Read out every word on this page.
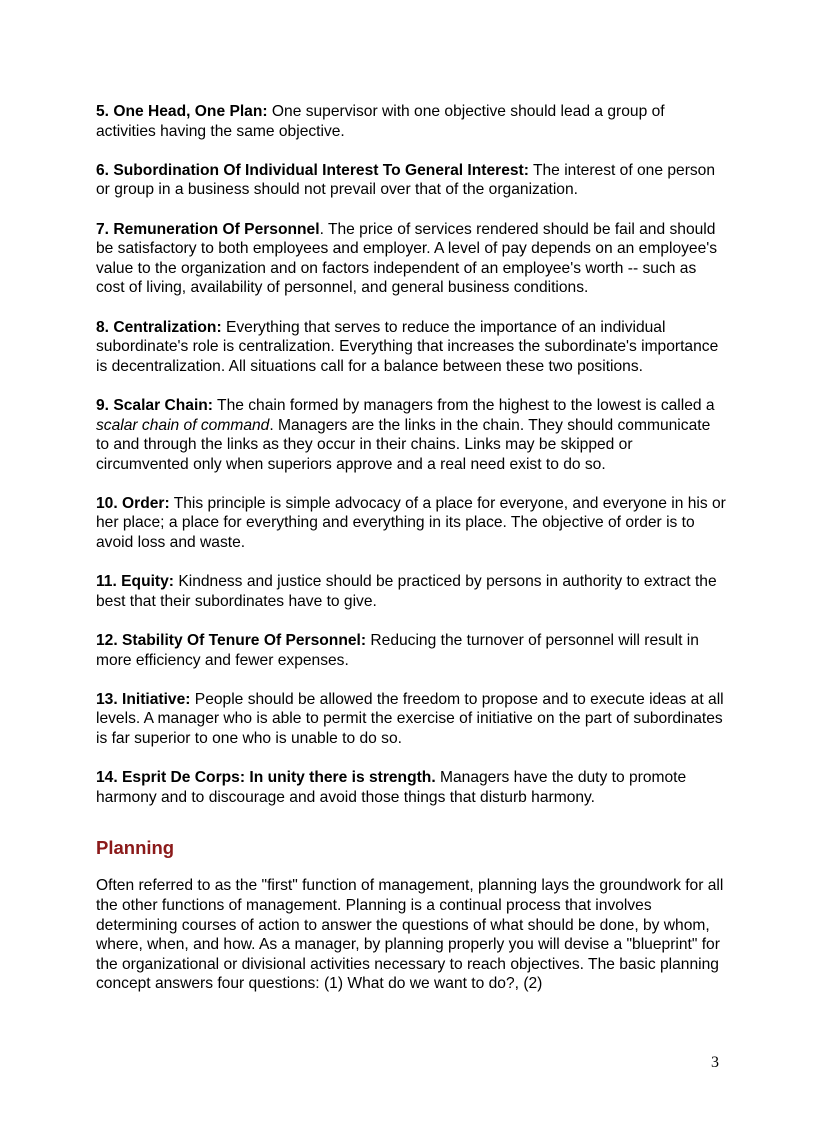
5. One Head, One Plan: One supervisor with one objective should lead a group of activities having the same objective.

6. Subordination Of Individual Interest To General Interest: The interest of one person or group in a business should not prevail over that of the organization.

7. Remuneration Of Personnel. The price of services rendered should be fail and should be satisfactory to both employees and employer. A level of pay depends on an employee's value to the organization and on factors independent of an employee's worth -- such as cost of living, availability of personnel, and general business conditions.

8. Centralization: Everything that serves to reduce the importance of an individual subordinate's role is centralization. Everything that increases the subordinate's importance is decentralization. All situations call for a balance between these two positions.

9. Scalar Chain: The chain formed by managers from the highest to the lowest is called a scalar chain of command. Managers are the links in the chain. They should communicate to and through the links as they occur in their chains. Links may be skipped or circumvented only when superiors approve and a real need exist to do so.

10. Order: This principle is simple advocacy of a place for everyone, and everyone in his or her place; a place for everything and everything in its place. The objective of order is to avoid loss and waste.

11. Equity: Kindness and justice should be practiced by persons in authority to extract the best that their subordinates have to give.

12. Stability Of Tenure Of Personnel: Reducing the turnover of personnel will result in more efficiency and fewer expenses.

13. Initiative: People should be allowed the freedom to propose and to execute ideas at all levels. A manager who is able to permit the exercise of initiative on the part of subordinates is far superior to one who is unable to do so.

14. Esprit De Corps: In unity there is strength. Managers have the duty to promote harmony and to discourage and avoid those things that disturb harmony.

Planning

Often referred to as the "first" function of management, planning lays the groundwork for all the other functions of management. Planning is a continual process that involves determining courses of action to answer the questions of what should be done, by whom, where, when, and how. As a manager, by planning properly you will devise a "blueprint" for the organizational or divisional activities necessary to reach objectives. The basic planning concept answers four questions: (1) What do we want to do?, (2)

3
